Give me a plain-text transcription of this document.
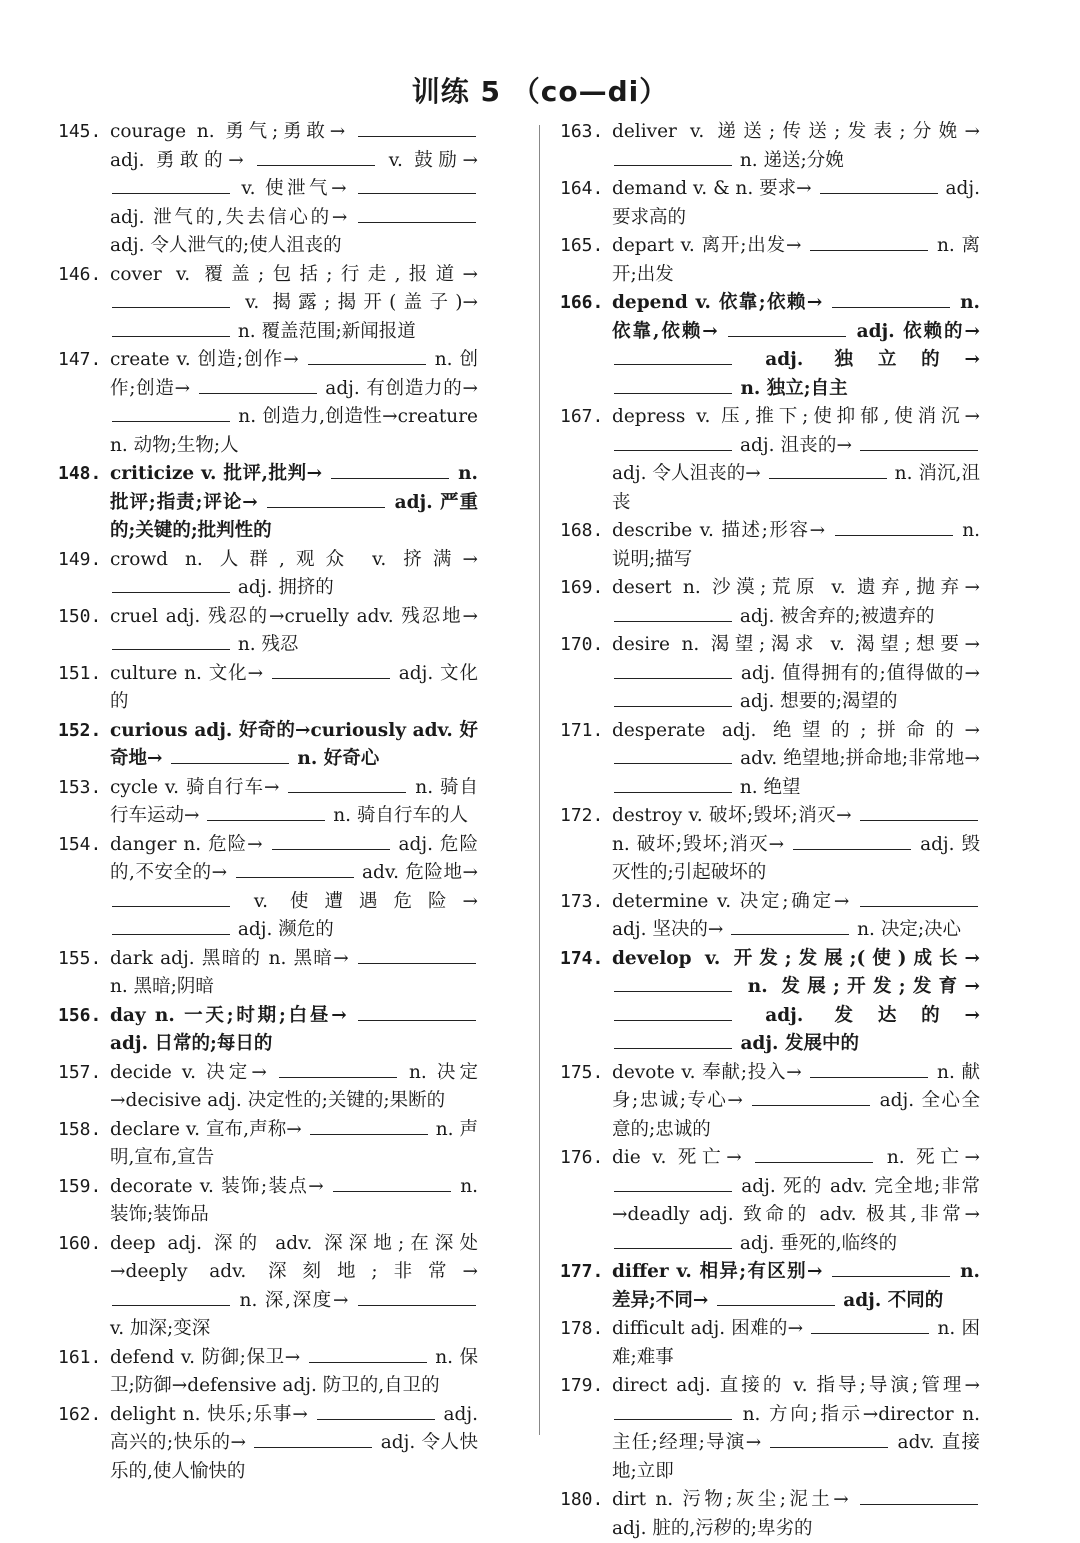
训练 5 （co—di）
145. courage n. 勇气;勇敢→  adj. 勇敢的→	v. 鼓励→  v. 使泄气→  adj. 泄气的,失去信心的→  adj. 令人泄气的;使人沮丧的
146. cover v. 覆盖;包括;行走,报道→  v. 揭露;揭开(盖子)→  n. 覆盖范围;新闻报道
147. create v. 创造;创作→	n. 创作;创造→	adj. 有创造力的→  n. 创造力,创造性→creature n. 动物;生物;人
148. criticize v. 批评,批判→	n. 批评;指责;评论→	adj. 严重的;关键的;批判性的
149. crowd n. 人群,观众 v. 挤满→  adj. 拥挤的
150. cruel adj. 残忍的→cruelly adv. 残忍地→  n. 残忍
151. culture n. 文化→	adj. 文化的
152. curious adj. 好奇的→curiously adv. 好奇地→	n. 好奇心
153. cycle v. 骑自行车→	n. 骑自行车运动→	n. 骑自行车的人
154. danger n. 危险→	adj. 危险的,不安全的→	adv. 危险地→  v. 使遭遇危险→  adj. 濒危的
155. dark adj. 黑暗的 n. 黑暗→  n. 黑暗;阴暗
156. day n. 一天;时期;白昼→  adj. 日常的;每日的
157. decide v. 决定→	n. 决定→decisive adj. 决定性的;关键的;果断的
158. declare v. 宣布,声称→	n. 声明,宣布,宣告
159. decorate v. 装饰;装点→	n. 装饰;装饰品
160. deep adj. 深的 adv. 深深地;在深处→deeply adv. 深刻地;非常→  n. 深,深度→  v. 加深;变深
161. defend v. 防御;保卫→	n. 保卫;防御→defensive adj. 防卫的,自卫的
162. delight n. 快乐;乐事→	adj. 高兴的;快乐的→	adj. 令人快乐的,使人愉快的
163. deliver v. 递送;传送;发表;分娩→  n. 递送;分娩
164. demand v. & n. 要求→	adj. 要求高的
165. depart v. 离开;出发→	n. 离开;出发
166. depend v. 依靠;依赖→	n. 依靠,依赖→	adj. 依赖的→  adj. 独立的→  n. 独立;自主
167. depress v. 压,推下;使抑郁,使消沉→  adj. 沮丧的→  adj. 令人沮丧的→	n. 消沉,沮丧
168. describe v. 描述;形容→	n. 说明;描写
169. desert n. 沙漠;荒原 v. 遗弃,抛弃→  adj. 被舍弃的;被遗弃的
170. desire n. 渴望;渴求 v. 渴望;想要→  adj. 值得拥有的;值得做的→  adj. 想要的;渴望的
171. desperate adj. 绝望的;拼命的→  adv. 绝望地;拼命地;非常地→  n. 绝望
172. destroy v. 破坏;毁坏;消灭→  n. 破坏;毁坏;消灭→	adj. 毁灭性的;引起破坏的
173. determine v. 决定;确定→  adj. 坚决的→	n. 决定;决心
174. develop v. 开发;发展;(使)成长→  n. 发展;开发;发育→  adj. 发达的→  adj. 发展中的
175. devote v. 奉献;投入→	n. 献身;忠诚;专心→	adj. 全心全意的;忠诚的
176. die v. 死亡→	n. 死亡→  adj. 死的 adv. 完全地;非常→deadly adj. 致命的 adv. 极其,非常→  adj. 垂死的,临终的
177. differ v. 相异;有区别→	n. 差异;不同→	adj. 不同的
178. difficult adj. 困难的→	n. 困难;难事
179. direct adj. 直接的 v. 指导;导演;管理→  n. 方向;指示→director n. 主任;经理;导演→	adv. 直接地;立即
180. dirt n. 污物;灰尘;泥土→  adj. 脏的,污秽的;卑劣的
